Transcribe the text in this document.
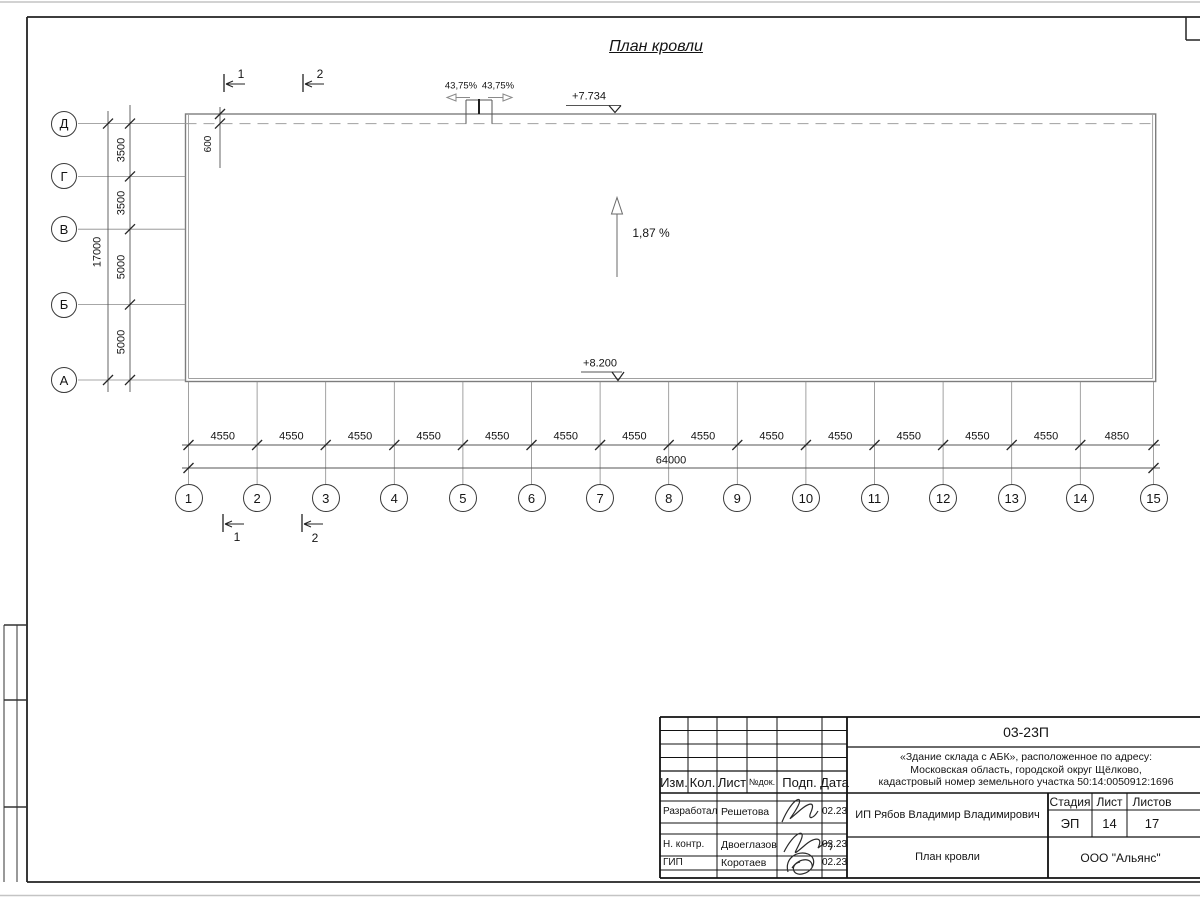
План кровли
+7.734
+8.200
1,87 %
43,75% 43,75%
600
17000
64000
1	2
1	2
03-23П
«Здание склада с АБК», расположенное по адресу:
Московская область, городской округ Щёлково,
кадастровый номер земельного участка 50:14:0050912:1696
Изм. Кол. Лист №док. Подп. Дата
ИП Рябов Владимир Владимирович
Стадия Лист Листов
ЭП	14	17
План кровли	ООО "Альянс"
Д
Г
В
Б
А
3500
3500
5000
5000
1	2	3	4	5	6	7	8	9	10	11	12	13	14	15
4550	4550	4550	4550	4550	4550	4550	4550	4550	4550	4550	4550	4550	4850
Разработал Решетова	02.23
Н. контр.	Двоеглазов	02.23
ГИП	Коротаев	02.23
